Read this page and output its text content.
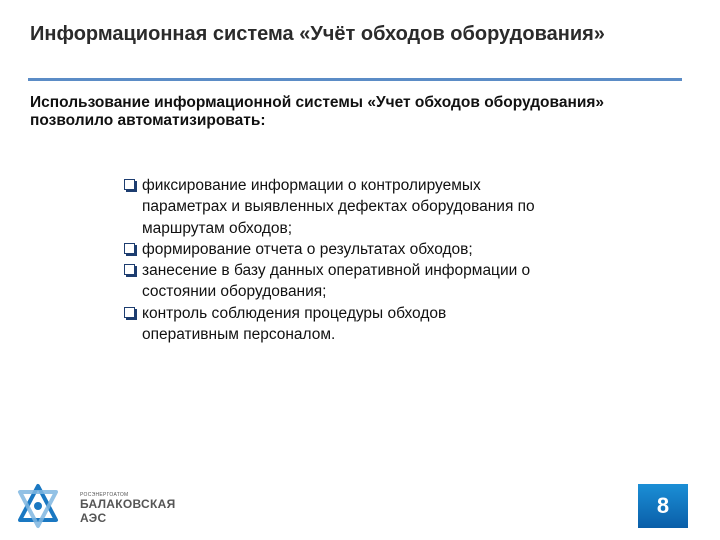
Информационная система «Учёт обходов оборудования»

Использование информационной системы «Учет обходов оборудования» позволило автоматизировать:

фиксирование информации о контролируемых параметрах и выявленных дефектах оборудования по маршрутам обходов;
формирование отчета о результатах обходов;
занесение в базу данных оперативной информации о состоянии оборудования;
контроль соблюдения процедуры обходов оперативным персоналом.
РОСЭНЕРГОАТОМ
БАЛАКОВСКАЯ
АЭС	8
